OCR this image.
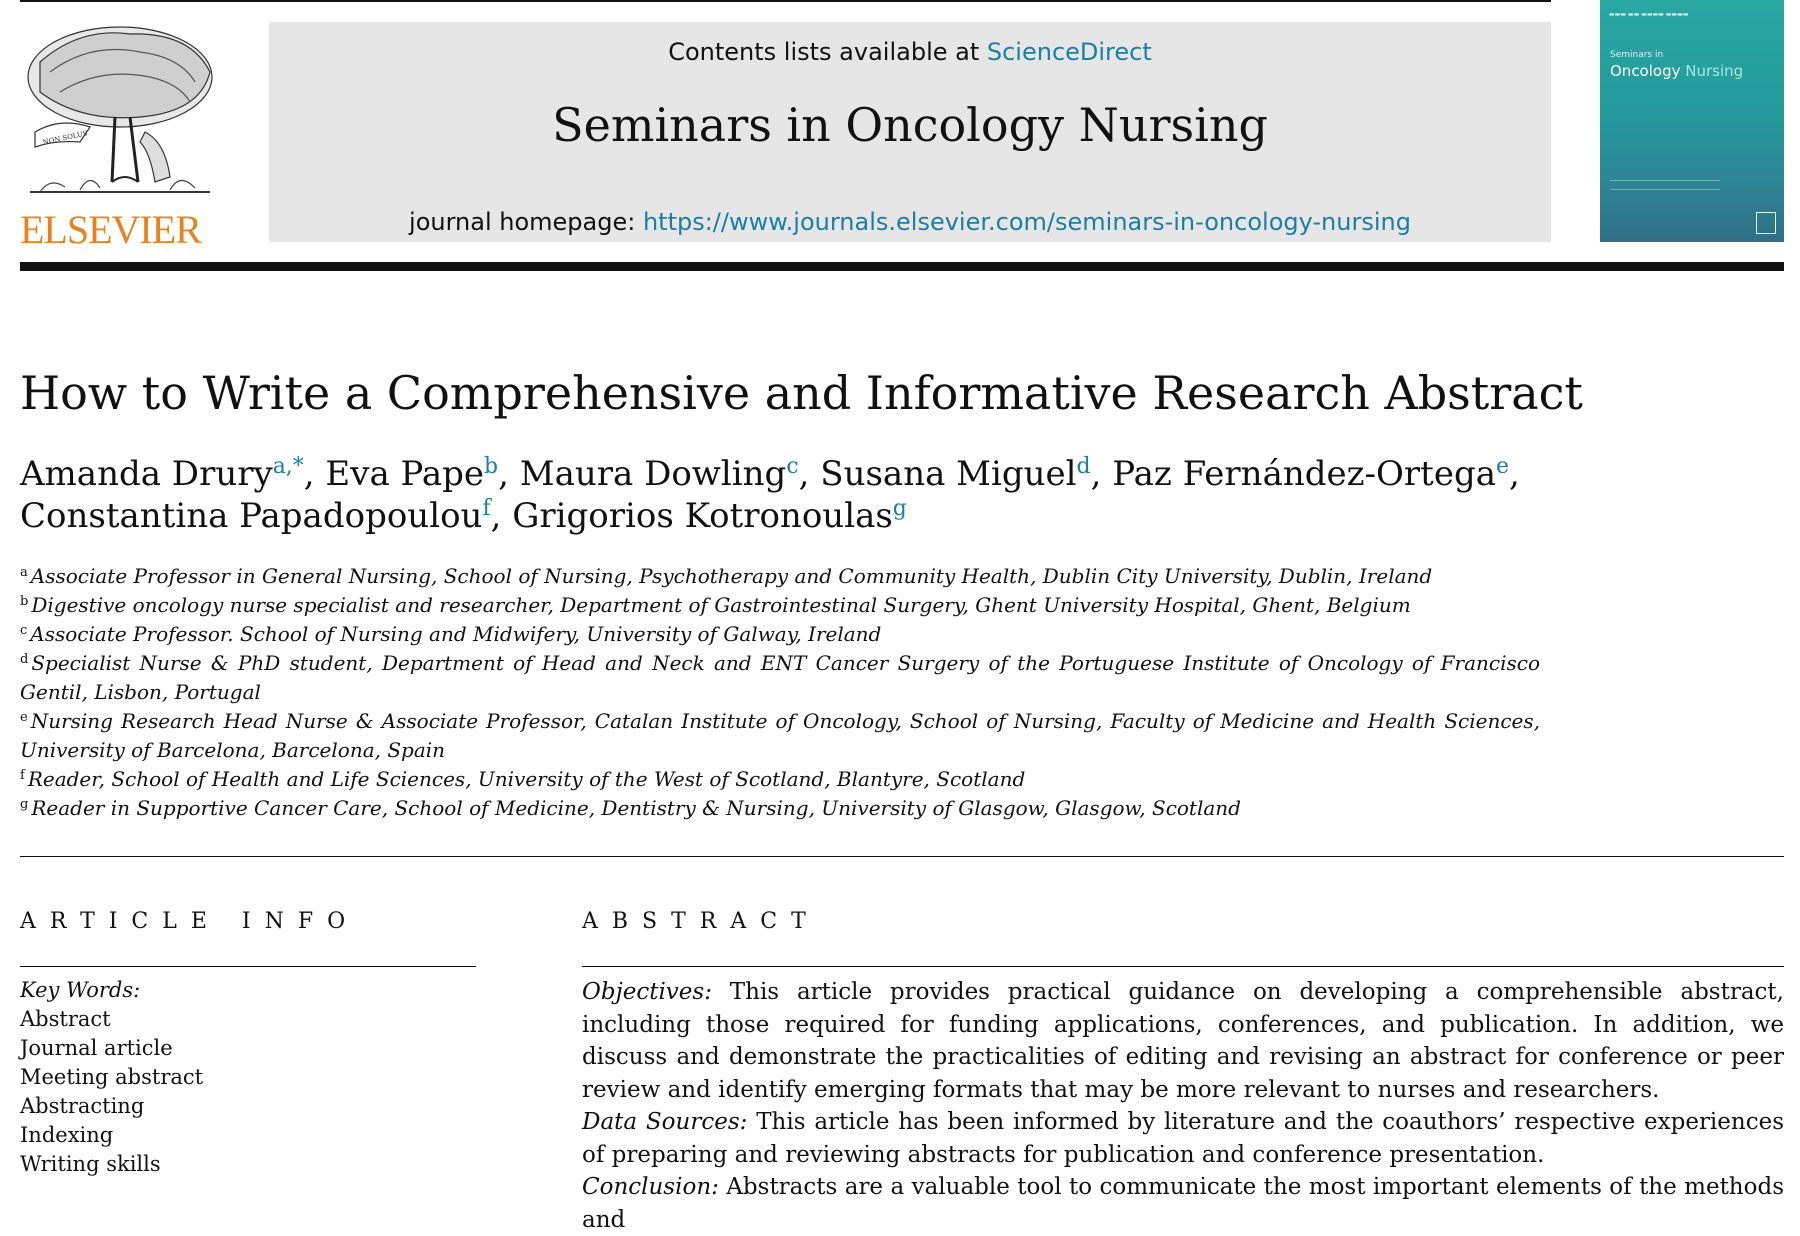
NON SOLUS
ELSEVIER
Contents lists available at ScienceDirect
Seminars in Oncology Nursing
journal homepage: https://www.journals.elsevier.com/seminars-in-oncology-nursing
▬▬▬ ▬▬ ▬▬▬▬ ▬▬▬▬
Seminars in
Oncology Nursing
How to Write a Comprehensive and Informative Research Abstract
Amanda Drury$^{a,*}$, Eva Pape$^b$, Maura Dowling$^c$, Susana Miguel$^d$, Paz Fernández-Ortega$^e$,
Constantina Papadopoulou$^f$, Grigorios Kotronoulas$^g$
$^a$ Associate Professor in General Nursing, School of Nursing, Psychotherapy and Community Health, Dublin City University, Dublin, Ireland
$^b$ Digestive oncology nurse specialist and researcher, Department of Gastrointestinal Surgery, Ghent University Hospital, Ghent, Belgium
$^c$ Associate Professor. School of Nursing and Midwifery, University of Galway, Ireland
$^d$ Specialist Nurse & PhD student, Department of Head and Neck and ENT Cancer Surgery of the Portuguese Institute of Oncology of Francisco Gentil, Lisbon, Portugal
$^e$ Nursing Research Head Nurse & Associate Professor, Catalan Institute of Oncology, School of Nursing, Faculty of Medicine and Health Sciences, University of Barcelona, Barcelona, Spain
$^f$ Reader, School of Health and Life Sciences, University of the West of Scotland, Blantyre, Scotland
$^g$ Reader in Supportive Cancer Care, School of Medicine, Dentistry & Nursing, University of Glasgow, Glasgow, Scotland
ARTICLE INFO	ABSTRACT
Key Words:
Abstract
Journal article
Meeting abstract
Abstracting
Indexing
Writing skills

Objectives: This article provides practical guidance on developing a comprehensible abstract, including those required for funding applications, conferences, and publication. In addition, we discuss and demonstrate the practicalities of editing and revising an abstract for conference or peer review and identify emerging formats that may be more relevant to nurses and researchers.

Data Sources: This article has been informed by literature and the coauthors’ respective experiences of preparing and reviewing abstracts for publication and conference presentation.

Conclusion: Abstracts are a valuable tool to communicate the most important elements of the methods and
